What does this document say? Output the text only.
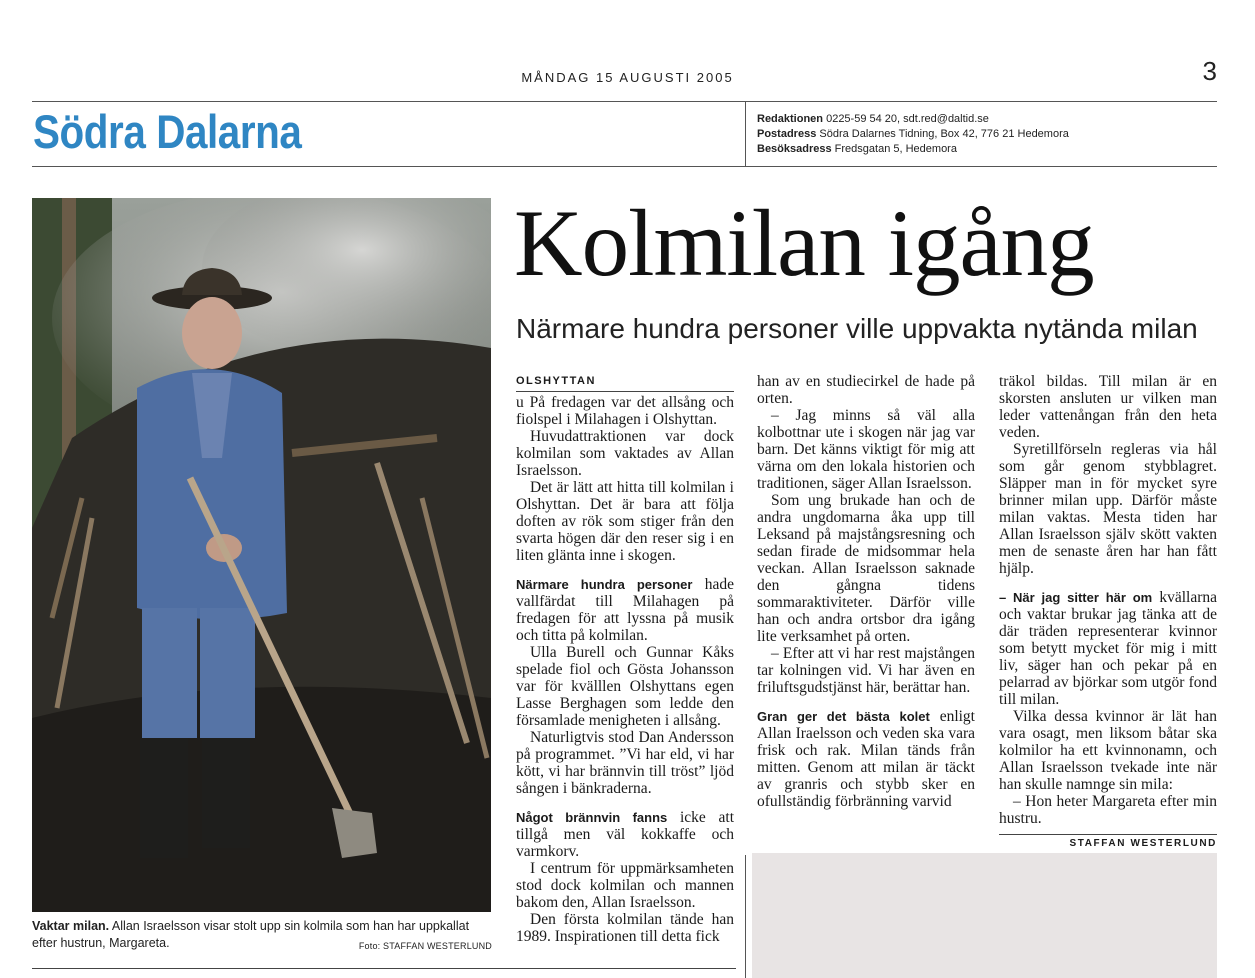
MÅNDAG 15 AUGUSTI 2005	3
Södra Dalarna	Redaktionen 0225-59 54 20, sdt.red@daltid.se
Postadress Södra Dalarnes Tidning, Box 42, 776 21 Hedemora
Besöksadress Fredsgatan 5, Hedemora
Vaktar milan. Allan Israelsson visar stolt upp sin kolmila som han har uppkallat efter hustrun, Margareta.	Foto: STAFFAN WESTERLUND
Kolmilan igång
Närmare hundra personer ville uppvakta nytända milan
OLSHYTTAN

u På fredagen var det allsång och fiolspel i Milahagen i Olshyttan.

Huvudattraktionen var dock kolmilan som vaktades av Allan Israelsson.

Det är lätt att hitta till kolmilan i Olshyttan. Det är bara att följa doften av rök som stiger från den svarta högen där den reser sig i en liten glänta inne i skogen.

Närmare hundra personer hade vallfärdat till Milahagen på fredagen för att lyssna på musik och titta på kolmilan.

Ulla Burell och Gunnar Kåks spelade fiol och Gösta Johansson var för kvälllen Olshyttans egen Lasse Berghagen som ledde den församlade menigheten i allsång.

Naturligtvis stod Dan Andersson på programmet. ”Vi har eld, vi har kött, vi har brännvin till tröst” ljöd sången i bänkraderna.

Något brännvin fanns icke att tillgå men väl kokkaffe och varmkorv.

I centrum för uppmärksamheten stod dock kolmilan och mannen bakom den, Allan Israelsson.

Den första kolmilan tände han 1989. Inspirationen till detta fick

han av en studiecirkel de hade på orten.

– Jag minns så väl alla kolbottnar ute i skogen när jag var barn. Det känns viktigt för mig att värna om den lokala historien och traditionen, säger Allan Israelsson.

Som ung brukade han och de andra ungdomarna åka upp till Leksand på majstångsresning och sedan firade de midsommar hela veckan. Allan Israelsson saknade den gångna tidens sommaraktiviteter. Därför ville han och andra ortsbor dra igång lite verksamhet på orten.

– Efter att vi har rest majstången tar kolningen vid. Vi har även en friluftsgudstjänst här, berättar han.

Gran ger det bästa kolet enligt Allan Iraelsson och veden ska vara frisk och rak. Milan tänds från mitten. Genom att milan är täckt av granris och stybb sker en ofullständig förbränning varvid

träkol bildas. Till milan är en skorsten ansluten ur vilken man leder vattenångan från den heta veden.

Syretillförseln regleras via hål som går genom stybblagret. Släpper man in för mycket syre brinner milan upp. Därför måste milan vaktas. Mesta tiden har Allan Israelsson själv skött vakten men de senaste åren har han fått hjälp.

– När jag sitter här om kvällarna och vaktar brukar jag tänka att de där träden representerar kvinnor som betytt mycket för mig i mitt liv, säger han och pekar på en pelarrad av björkar som utgör fond till milan.

Vilka dessa kvinnor är lät han vara osagt, men liksom båtar ska kolmilor ha ett kvinnonamn, och Allan Israelsson tvekade inte när han skulle namnge sin mila:

– Hon heter Margareta efter min hustru.

STAFFAN WESTERLUND
